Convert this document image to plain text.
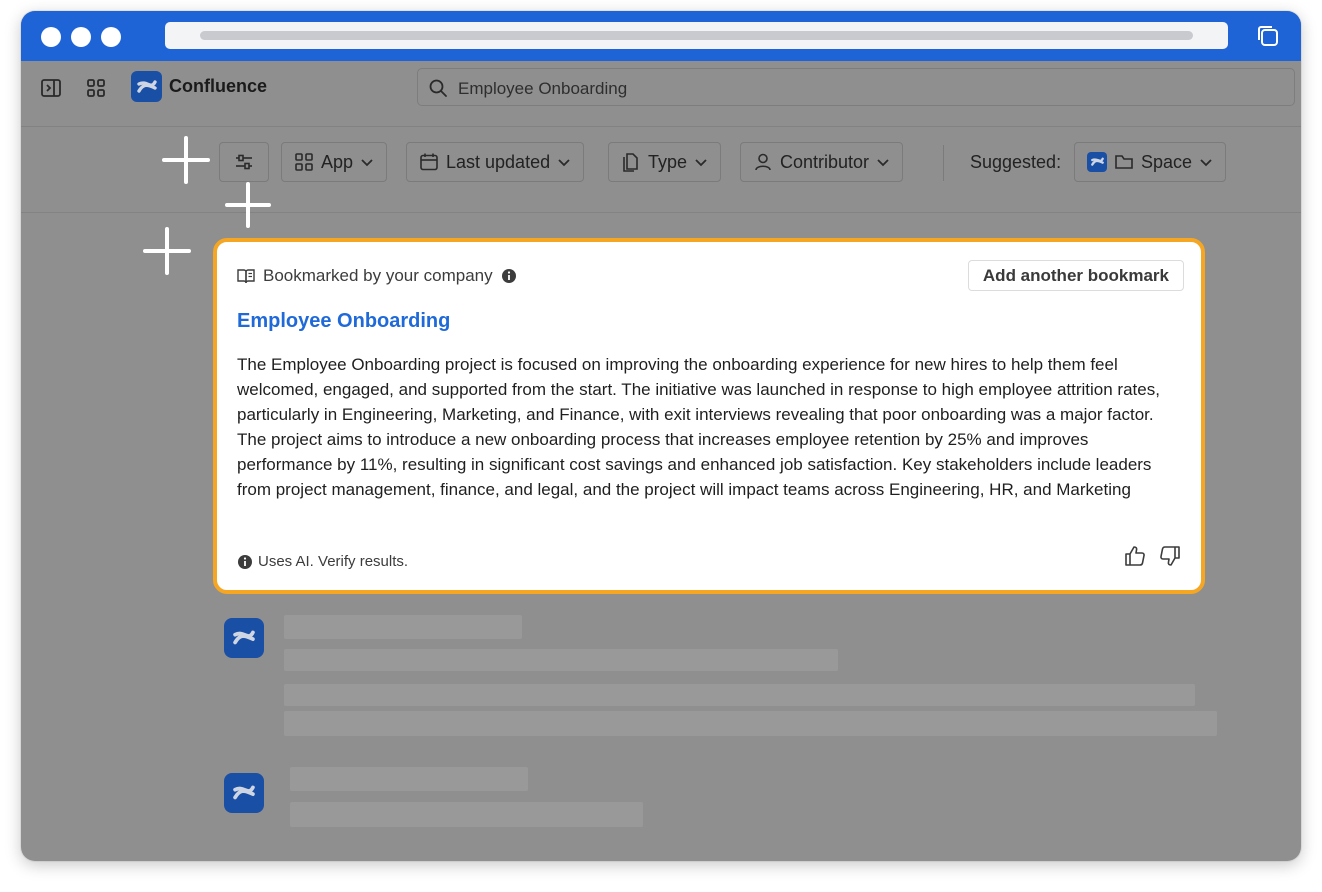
Confluence	Employee Onboarding
App	Last updated	Type	Contributor	Suggested:	Space
Bookmarked by your company	Add another bookmark
Employee Onboarding
The Employee Onboarding project is focused on improving the onboarding experience for new hires to help them feel welcomed, engaged, and supported from the start. The initiative was launched in response to high employee attrition rates, particularly in Engineering, Marketing, and Finance, with exit interviews revealing that poor onboarding was a major factor. The project aims to introduce a new onboarding process that increases employee retention by 25% and improves performance by 11%, resulting in significant cost savings and enhanced job satisfaction. Key stakeholders include leaders from project management, finance, and legal, and the project will impact teams across Engineering, HR, and Marketing
Uses AI. Verify results.
